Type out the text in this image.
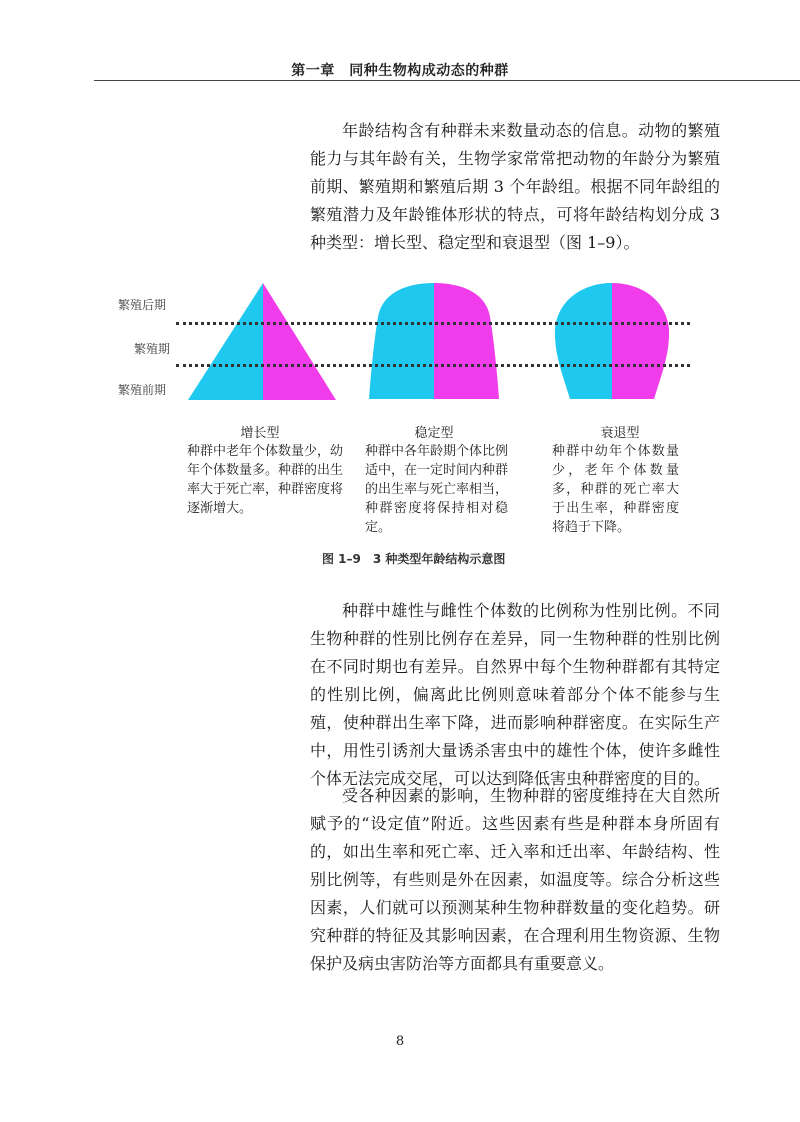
第一章　同种生物构成动态的种群

年龄结构含有种群未来数量动态的信息。动物的繁殖能力与其年龄有关，生物学家常常把动物的年龄分为繁殖前期、繁殖期和繁殖后期 3 个年龄组。根据不同年龄组的繁殖潜力及年龄锥体形状的特点，可将年龄结构划分成 3 种类型：增长型、稳定型和衰退型（图 1–9）。

繁殖后期
繁殖期
繁殖前期
增长型	稳定型	衰退型

种群中老年个体数量少，幼年个体数量多。种群的出生率大于死亡率，种群密度将逐渐增大。

种群中各年龄期个体比例适中，在一定时间内种群的出生率与死亡率相当，种群密度将保持相对稳定。

种群中幼年个体数量少，老年个体数量多，种群的死亡率大于出生率，种群密度将趋于下降。

图 1–9　3 种类型年龄结构示意图

种群中雄性与雌性个体数的比例称为性别比例。不同生物种群的性别比例存在差异，同一生物种群的性别比例在不同时期也有差异。自然界中每个生物种群都有其特定的性别比例，偏离此比例则意味着部分个体不能参与生殖，使种群出生率下降，进而影响种群密度。在实际生产中，用性引诱剂大量诱杀害虫中的雄性个体，使许多雌性个体无法完成交尾，可以达到降低害虫种群密度的目的。

受各种因素的影响，生物种群的密度维持在大自然所赋予的“设定值”附近。这些因素有些是种群本身所固有的，如出生率和死亡率、迁入率和迁出率、年龄结构、性别比例等，有些则是外在因素，如温度等。综合分析这些因素，人们就可以预测某种生物种群数量的变化趋势。研究种群的特征及其影响因素，在合理利用生物资源、生物保护及病虫害防治等方面都具有重要意义。

8
